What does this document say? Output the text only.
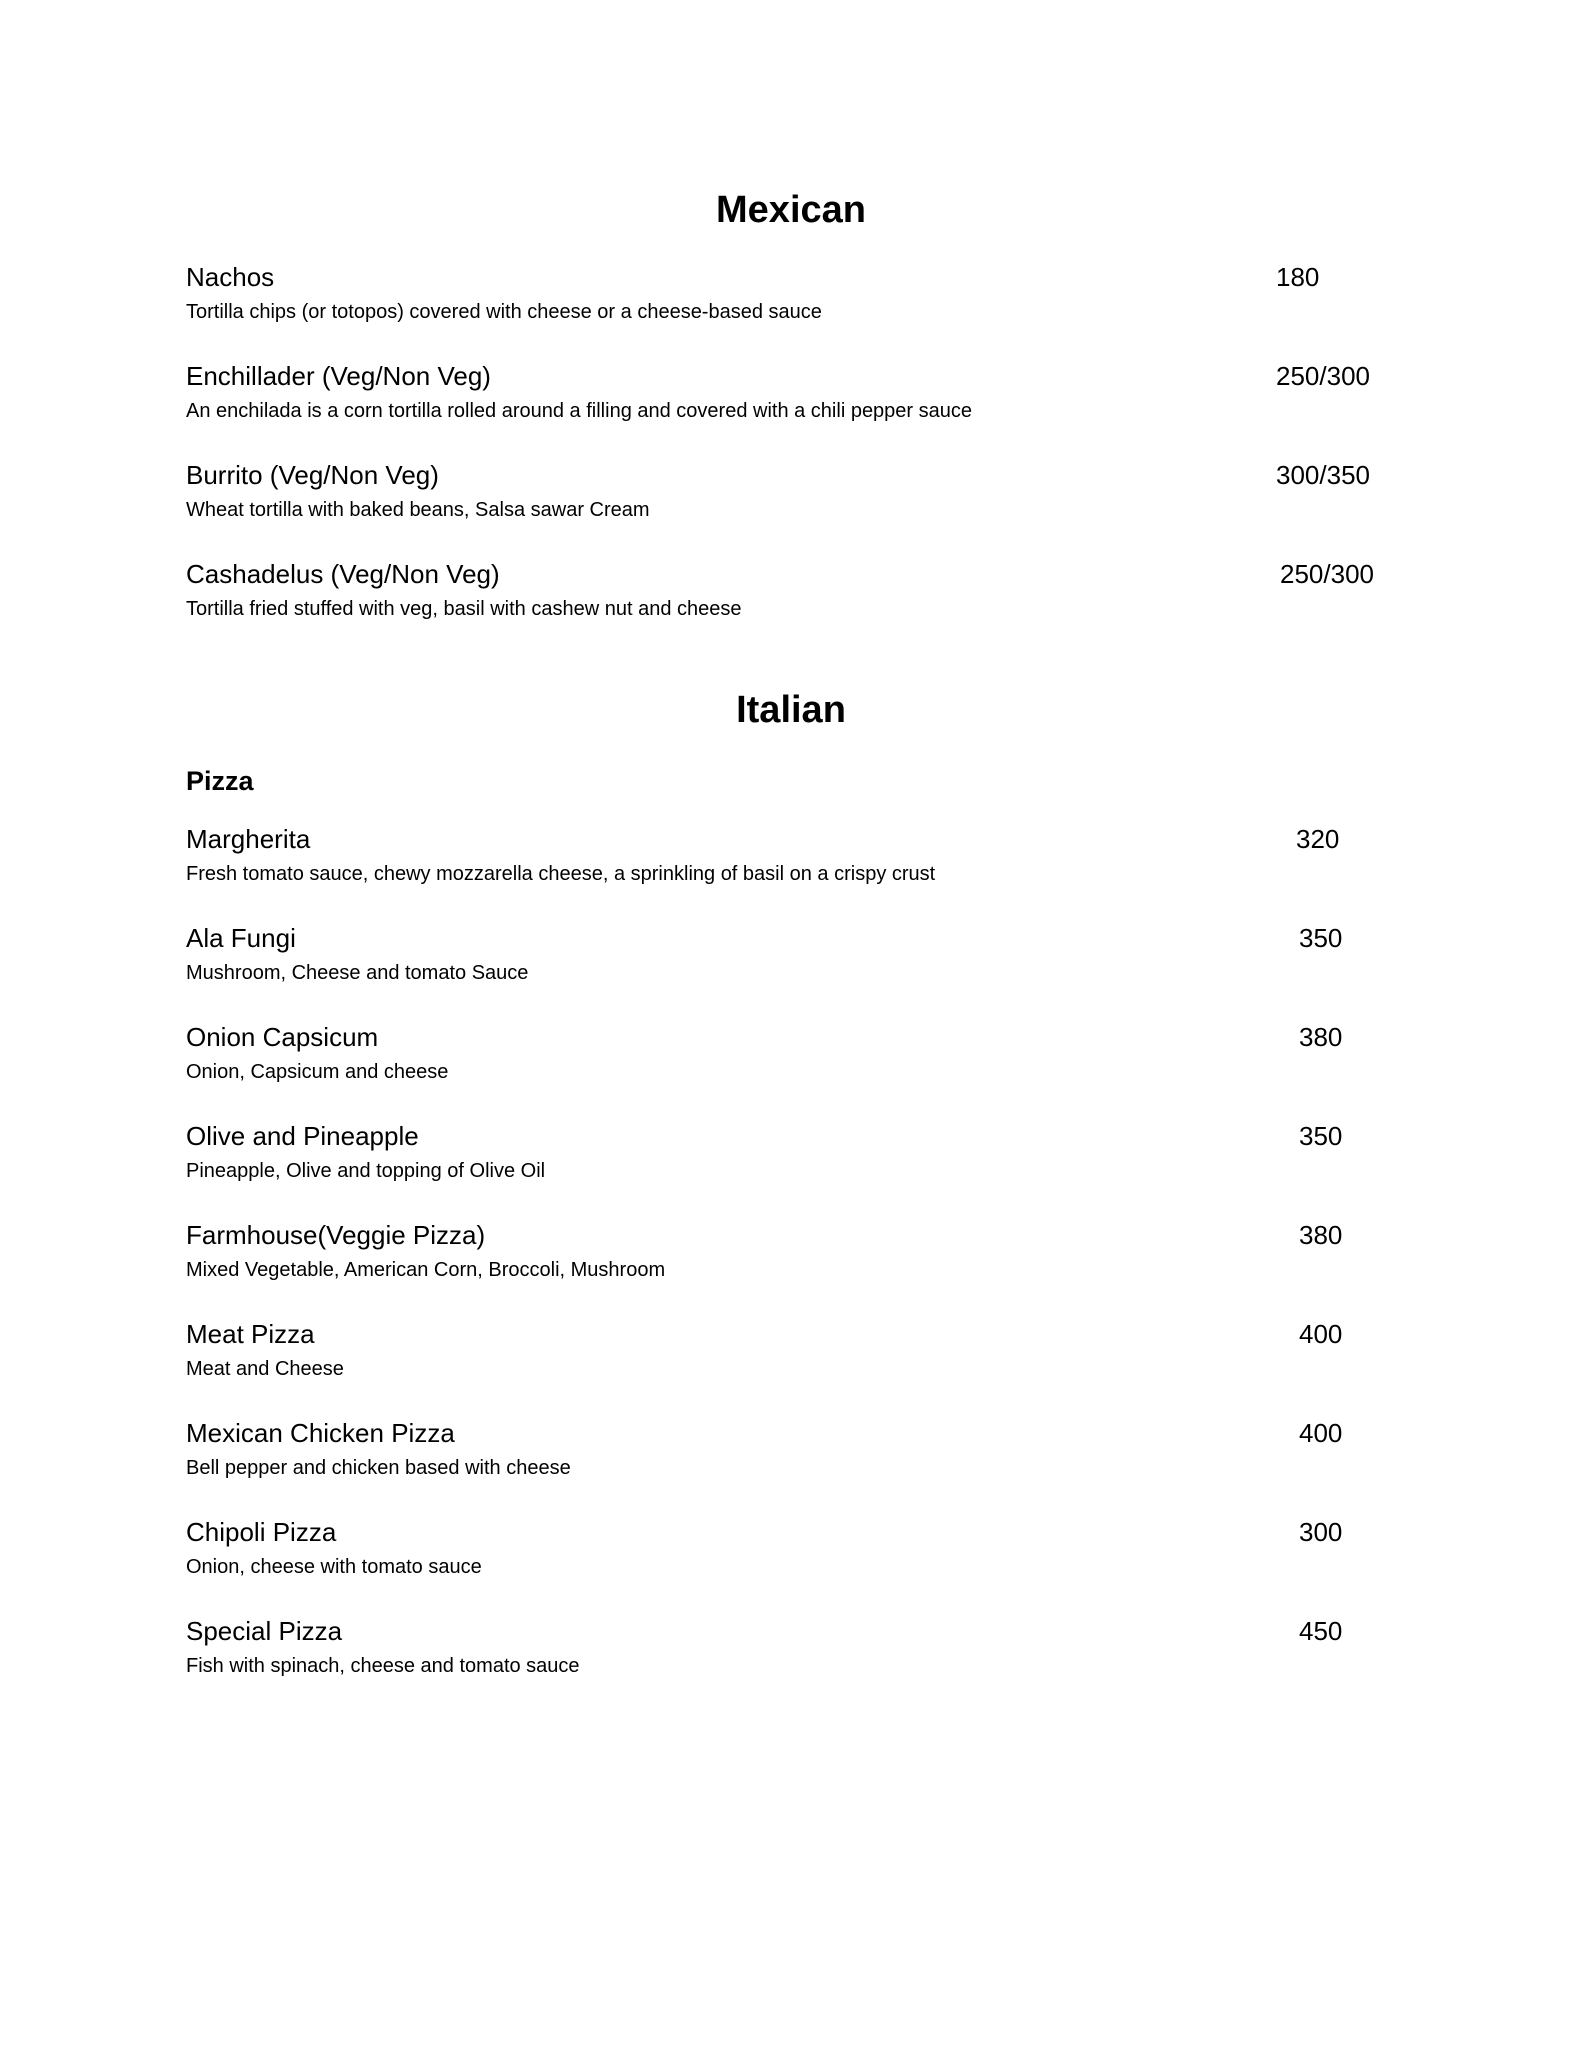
Mexican
Nachos
Tortilla chips (or totopos) covered with cheese or a cheese-based sauce
180
Enchillader (Veg/Non Veg)
An enchilada is a corn tortilla rolled around a filling and covered with a chili pepper sauce
250/300
Burrito (Veg/Non Veg)
Wheat tortilla with baked beans, Salsa sawar Cream
300/350
Cashadelus (Veg/Non Veg)
Tortilla fried stuffed with veg, basil with cashew nut and cheese
250/300
Italian
Pizza
Margherita
Fresh tomato sauce, chewy mozzarella cheese, a sprinkling of basil on a crispy crust
320
Ala Fungi
Mushroom, Cheese and tomato Sauce
350
Onion Capsicum
Onion, Capsicum and cheese
380
Olive and Pineapple
Pineapple, Olive and topping of Olive Oil
350
Farmhouse(Veggie Pizza)
Mixed Vegetable, American Corn, Broccoli, Mushroom
380
Meat Pizza
Meat and Cheese
400
Mexican Chicken Pizza
Bell pepper and chicken based with cheese
400
Chipoli Pizza
Onion, cheese with tomato sauce
300
Special Pizza
Fish with spinach, cheese and tomato sauce
450
